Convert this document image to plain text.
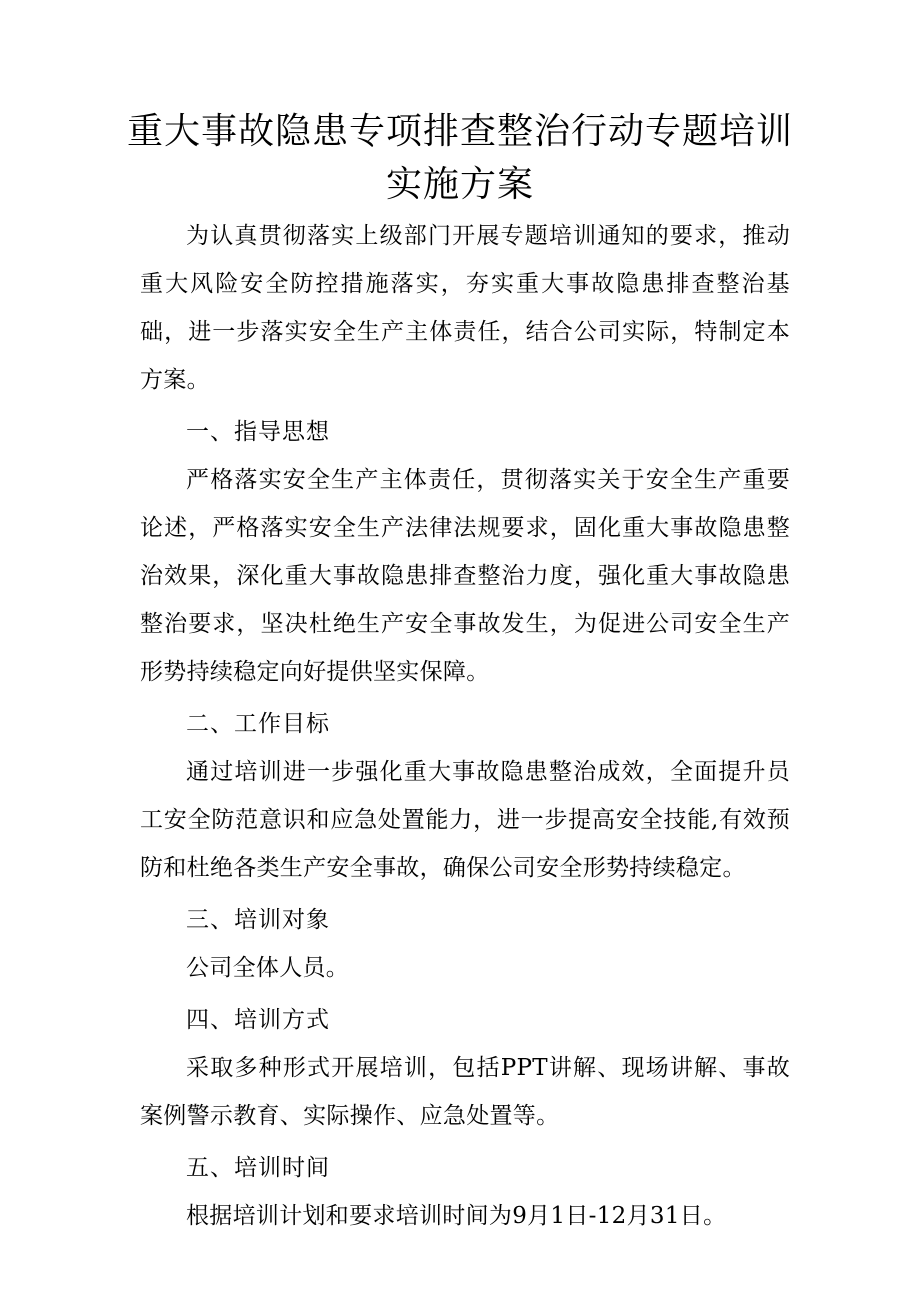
重大事故隐患专项排查整治行动专题培训
实施方案

为认真贯彻落实上级部门开展专题培训通知的要求，推动重大风险安全防控措施落实，夯实重大事故隐患排查整治基础，进一步落实安全生产主体责任，结合公司实际，特制定本方案。

一、指导思想

严格落实安全生产主体责任，贯彻落实关于安全生产重要论述，严格落实安全生产法律法规要求，固化重大事故隐患整治效果，深化重大事故隐患排查整治力度，强化重大事故隐患整治要求，坚决杜绝生产安全事故发生，为促进公司安全生产形势持续稳定向好提供坚实保障。

二、工作目标

通过培训进一步强化重大事故隐患整治成效，全面提升员工安全防范意识和应急处置能力，进一步提高安全技能,有效预防和杜绝各类生产安全事故，确保公司安全形势持续稳定。

三、培训对象

公司全体人员。

四、培训方式

采取多种形式开展培训，包括PPT讲解、现场讲解、事故案例警示教育、实际操作、应急处置等。

五、培训时间

根据培训计划和要求培训时间为9月1日-12月31日。
